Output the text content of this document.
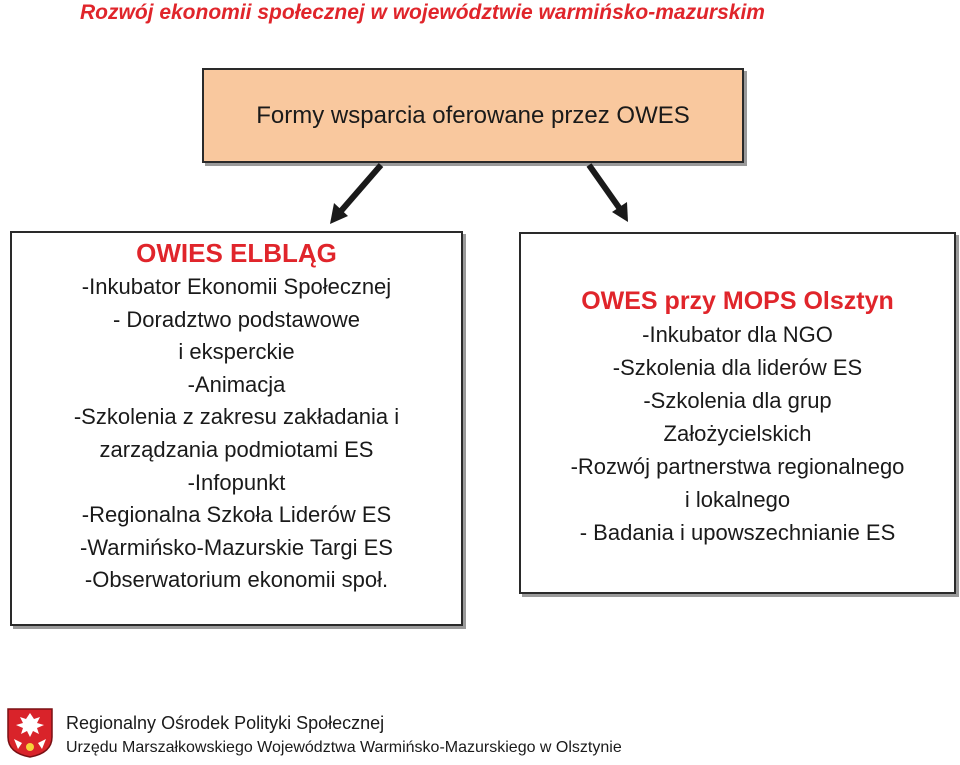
Rozwój ekonomii społecznej w województwie warmińsko-mazurskim
Formy wsparcia oferowane przez OWES
OWIES ELBLĄG
-Inkubator Ekonomii Społecznej
- Doradztwo podstawowe
i eksperckie
-Animacja
-Szkolenia z zakresu zakładania i
zarządzania podmiotami ES
-Infopunkt
-Regionalna Szkoła Liderów ES
-Warmińsko-Mazurskie Targi ES
-Obserwatorium ekonomii społ.
OWES przy MOPS Olsztyn
-Inkubator dla NGO
-Szkolenia dla liderów ES
-Szkolenia dla grup
Założycielskich
-Rozwój partnerstwa regionalnego
i lokalnego
- Badania i upowszechnianie ES
Regionalny Ośrodek Polityki Społecznej
Urzędu Marszałkowskiego Województwa Warmińsko-Mazurskiego w Olsztynie
